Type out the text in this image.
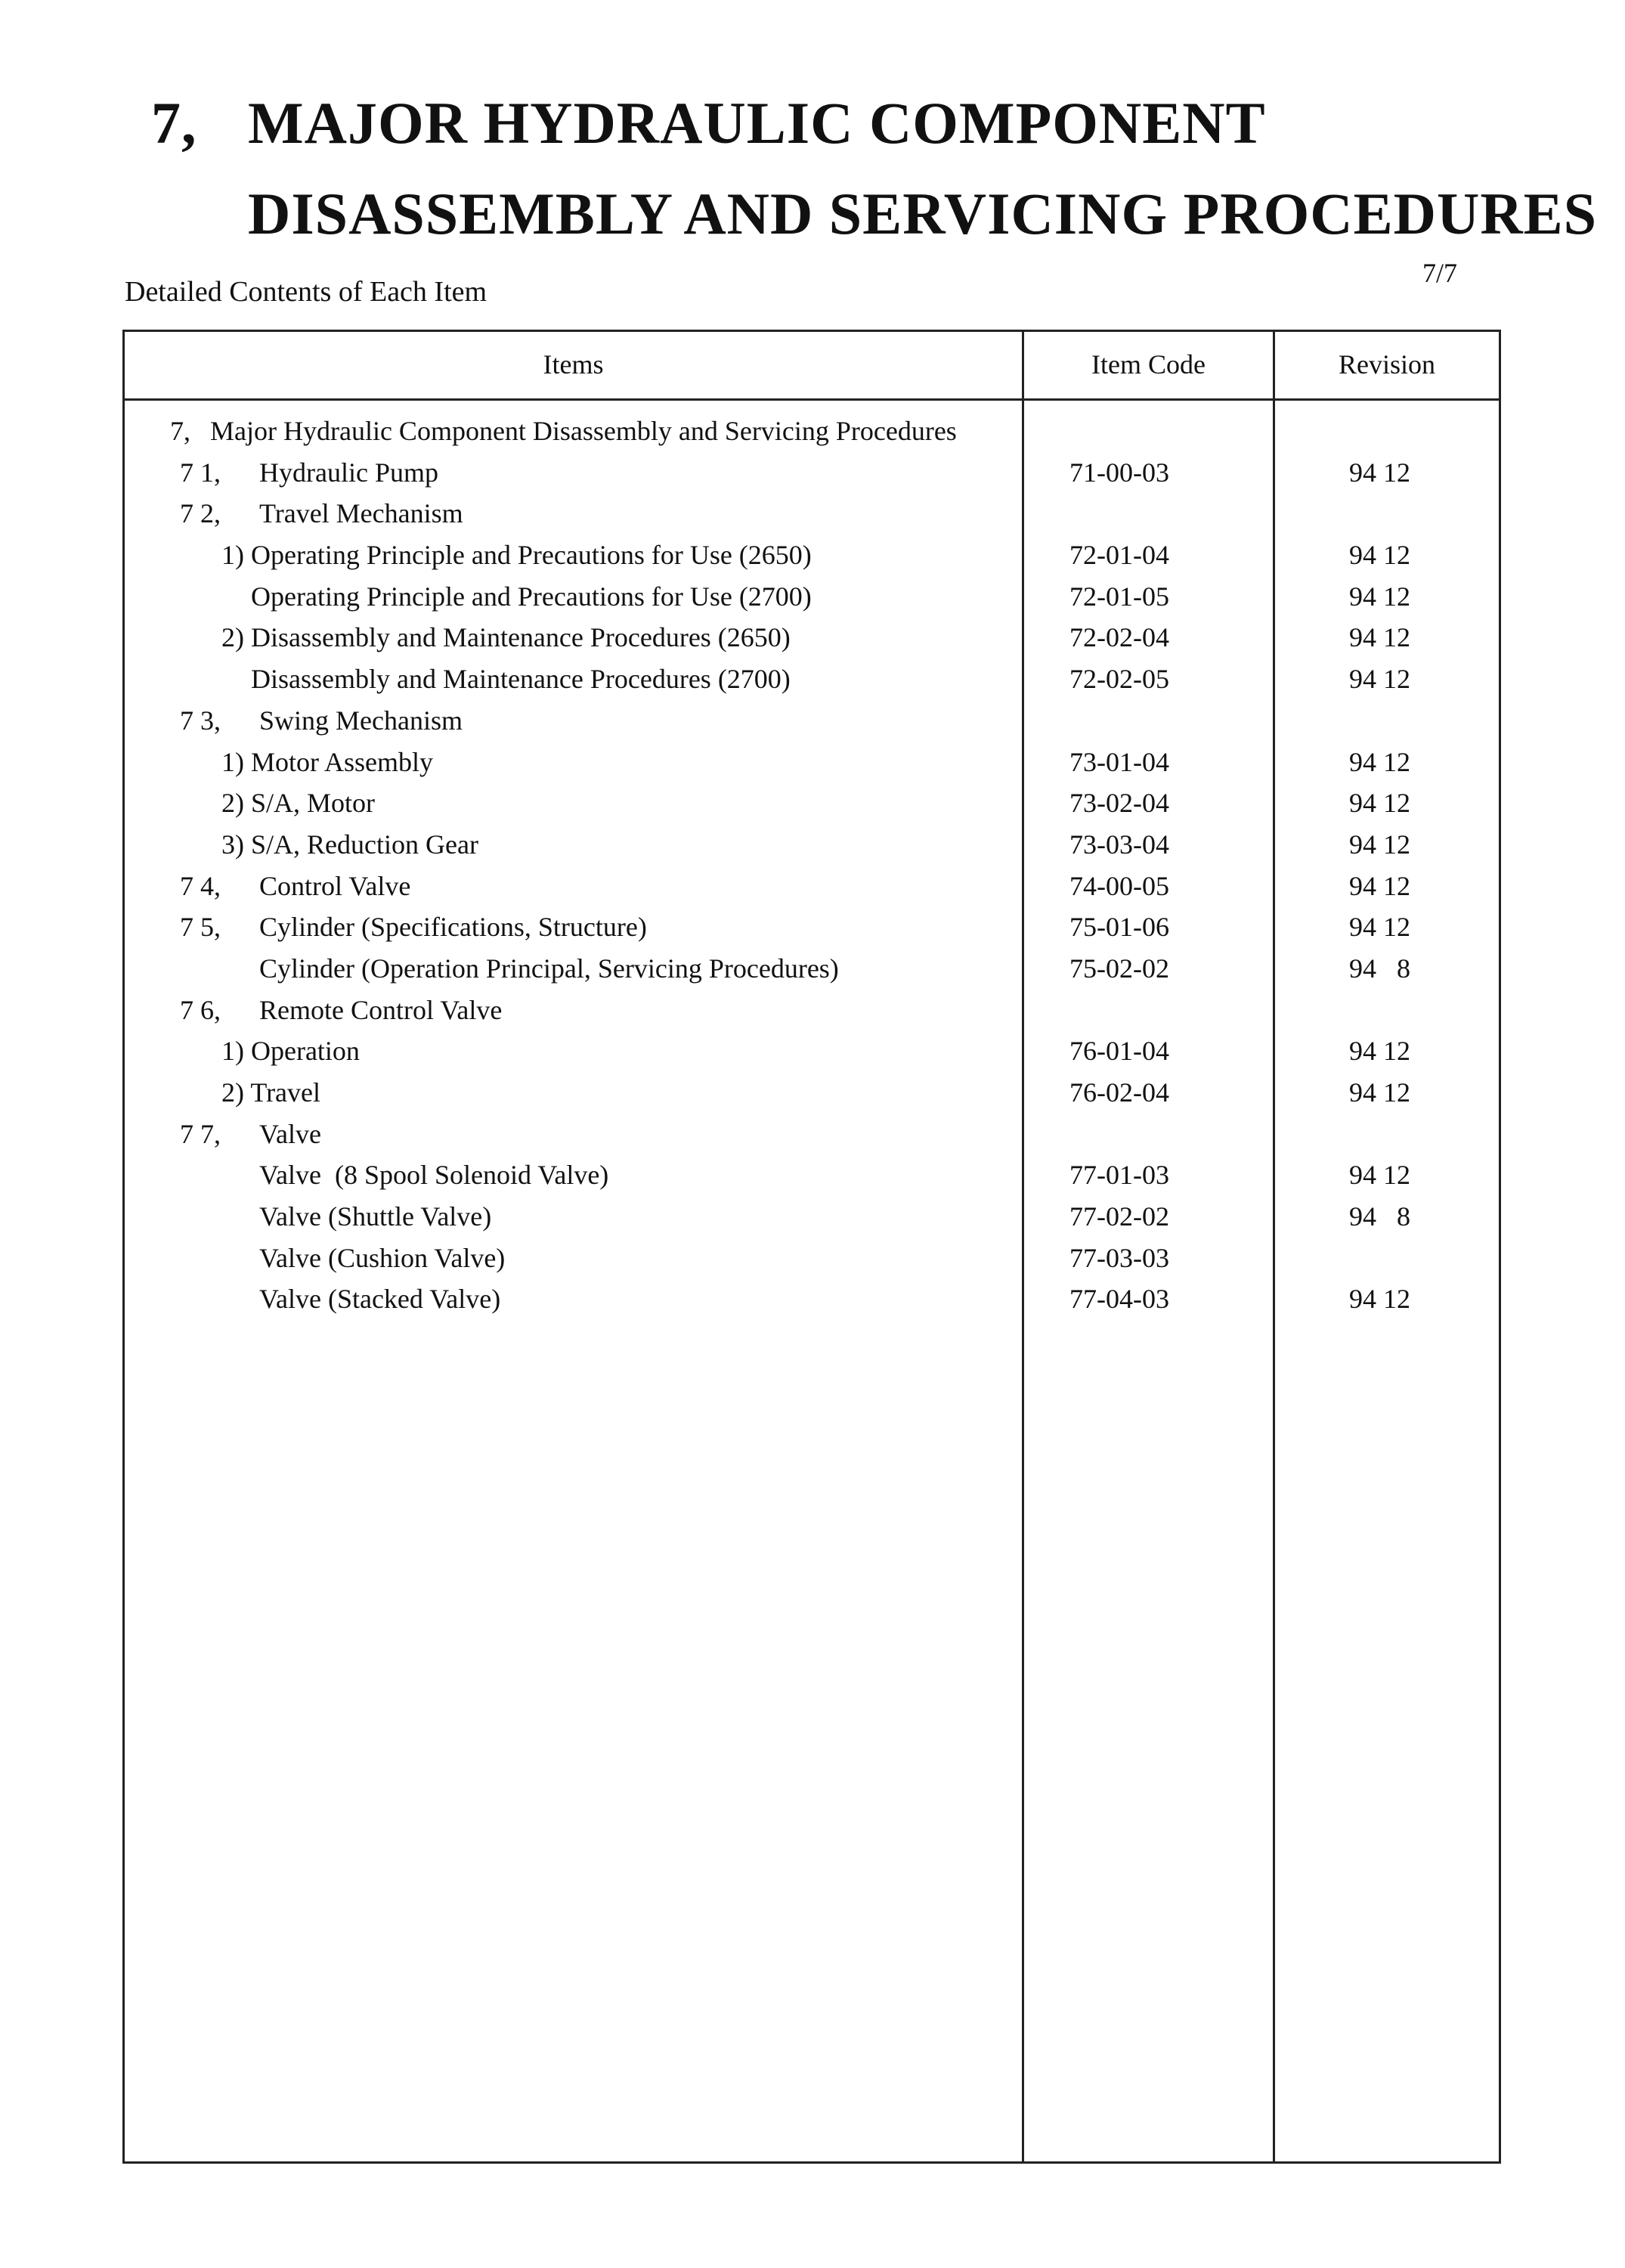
7, MAJOR HYDRAULIC COMPONENT
DISASSEMBLY AND SERVICING PROCEDURES
Detailed Contents of Each Item
7/7
Items	Item Code	Revision
7, Major Hydraulic Component Disassembly and Servicing Procedures
7 1, Hydraulic Pump	71-00-03	94 12
7 2, Travel Mechanism
1) Operating Principle and Precautions for Use (2650)	72-01-04	94 12
Operating Principle and Precautions for Use (2700)	72-01-05	94 12
2) Disassembly and Maintenance Procedures (2650)	72-02-04	94 12
Disassembly and Maintenance Procedures (2700)	72-02-05	94 12
7 3, Swing Mechanism
1) Motor Assembly	73-01-04	94 12
2) S/A, Motor	73-02-04	94 12
3) S/A, Reduction Gear	73-03-04	94 12
7 4, Control Valve	74-00-05	94 12
7 5, Cylinder (Specifications, Structure)	75-01-06	94 12
Cylinder (Operation Principal, Servicing Procedures)	75-02-02	94   8
7 6, Remote Control Valve
1) Operation	76-01-04	94 12
2) Travel	76-02-04	94 12
7 7, Valve
Valve  (8 Spool Solenoid Valve)	77-01-03	94 12
Valve (Shuttle Valve)	77-02-02	94   8
Valve (Cushion Valve)	77-03-03
Valve (Stacked Valve)	77-04-03	94 12
